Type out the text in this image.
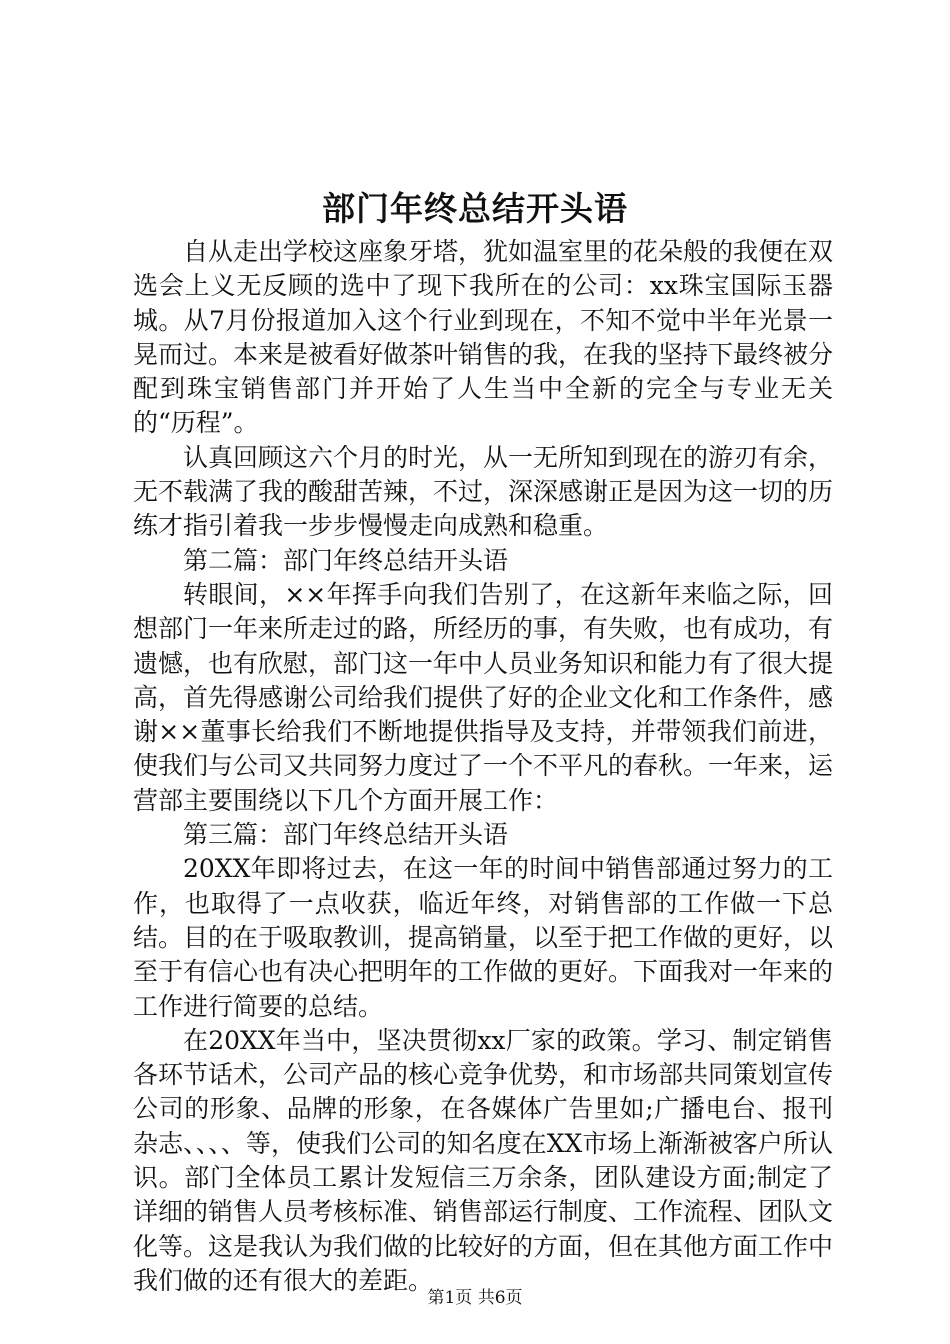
部门年终总结开头语

自从走出学校这座象牙塔，犹如温室里的花朵般的我便在双选会上义无反顾的选中了现下我所在的公司：xx珠宝国际玉器城。从7月份报道加入这个行业到现在，不知不觉中半年光景一晃而过。本来是被看好做茶叶销售的我，在我的坚持下最终被分配到珠宝销售部门并开始了人生当中全新的完全与专业无关的“历程”。

认真回顾这六个月的时光，从一无所知到现在的游刃有余，无不载满了我的酸甜苦辣，不过，深深感谢正是因为这一切的历练才指引着我一步步慢慢走向成熟和稳重。

第二篇：部门年终总结开头语

转眼间，××年挥手向我们告别了，在这新年来临之际，回想部门一年来所走过的路，所经历的事，有失败，也有成功，有遗憾，也有欣慰，部门这一年中人员业务知识和能力有了很大提高，首先得感谢公司给我们提供了好的企业文化和工作条件，感谢××董事长给我们不断地提供指导及支持，并带领我们前进，使我们与公司又共同努力度过了一个不平凡的春秋。一年来，运营部主要围绕以下几个方面开展工作：

第三篇：部门年终总结开头语

20XX年即将过去，在这一年的时间中销售部通过努力的工作，也取得了一点收获，临近年终，对销售部的工作做一下总结。目的在于吸取教训，提高销量，以至于把工作做的更好，以至于有信心也有决心把明年的工作做的更好。下面我对一年来的工作进行简要的总结。

在20XX年当中，坚决贯彻xx厂家的政策。学习、制定销售各环节话术，公司产品的核心竞争优势，和市场部共同策划宣传公司的形象、品牌的形象，在各媒体广告里如;广播电台、报刊杂志、、、、等，使我们公司的知名度在XX市场上渐渐被客户所认识。部门全体员工累计发短信三万余条，团队建设方面;制定了详细的销售人员考核标准、销售部运行制度、工作流程、团队文化等。这是我认为我们做的比较好的方面，但在其他方面工作中我们做的还有很大的差距。

第1页 共6页
